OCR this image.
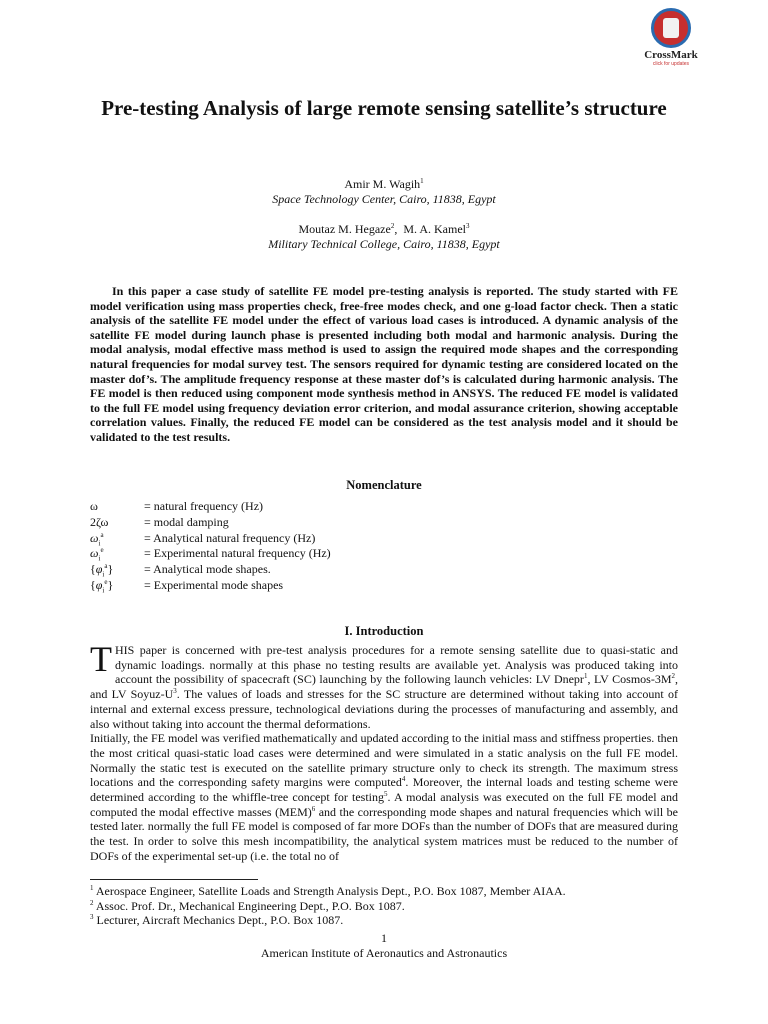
CrossMark
click for updates
Pre-testing Analysis of large remote sensing satellite’s structure
Amir M. Wagih$^1$
Space Technology Center, Cairo, 11838, Egypt
Moutaz M. Hegaze$^2$,  M. A. Kamel$^3$
Military Technical College, Cairo, 11838, Egypt

In this paper a case study of satellite FE model pre-testing analysis is reported. The study started with FE model verification using mass properties check, free-free modes check, and one g-load factor check. Then a static analysis of the satellite FE model under the effect of various load cases is introduced. A dynamic analysis of the satellite FE model during launch phase is presented including both modal and harmonic analysis. During the modal analysis, modal effective mass method is used to assign the required mode shapes and the corresponding natural frequencies for modal survey test. The sensors required for dynamic testing are considered located on the master dof’s. The amplitude frequency response at these master dof’s is calculated during harmonic analysis. The FE model is then reduced using component mode synthesis method in ANSYS. The reduced FE model is validated to the full FE model using frequency deviation error criterion, and modal assurance criterion, showing acceptable correlation values. Finally, the reduced FE model can be considered as the test analysis model and it should be validated to the test results.

Nomenclature
ω	= natural frequency (Hz)
2ζω	= modal damping
$\omega_i^a$	= Analytical natural frequency (Hz)
$\omega_i^e$	= Experimental natural frequency (Hz)
$\{\varphi_i^a\}$	= Analytical mode shapes.
$\{\varphi_i^e\}$	= Experimental mode shapes
I. Introduction

THIS paper is concerned with pre-test analysis procedures for a remote sensing satellite due to quasi-static and dynamic loadings. normally at this phase no testing results are available yet. Analysis was produced taking into account the possibility of spacecraft (SC) launching by the following launch vehicles: LV Dnepr$^1$, LV Cosmos-$3M^2$, and LV Soyuz-$U^3$. The values of loads and stresses for the SC structure are determined without taking into account of internal and external excess pressure, technological deviations during the processes of manufacturing and assembly, and also without taking into account the thermal deformations.

Initially, the FE model was verified mathematically and updated according to the initial mass and stiffness properties. then the most critical quasi-static load cases were determined and were simulated in a static analysis on the full FE model. Normally the static test is executed on the satellite primary structure only to check its strength. The maximum stress locations and the corresponding safety margins were computed$^4$. Moreover, the internal loads and testing scheme were determined according to the whiffle-tree concept for testing$^5$. A modal analysis was executed on the full FE model and computed the modal effective masses (MEM)$^6$ and the corresponding mode shapes and natural frequencies which will be tested later. normally the full FE model is composed of far more DOFs than the number of DOFs that are measured during the test. In order to solve this mesh incompatibility, the analytical system matrices must be reduced to the number of DOFs of the experimental set-up (i.e. the total no of

$^1$ Aerospace Engineer, Satellite Loads and Strength Analysis Dept., P.O. Box 1087, Member AIAA.
$^2$ Assoc. Prof. Dr., Mechanical Engineering Dept., P.O. Box 1087.
$^3$ Lecturer, Aircraft Mechanics Dept., P.O. Box 1087.
1
American Institute of Aeronautics and Astronautics
